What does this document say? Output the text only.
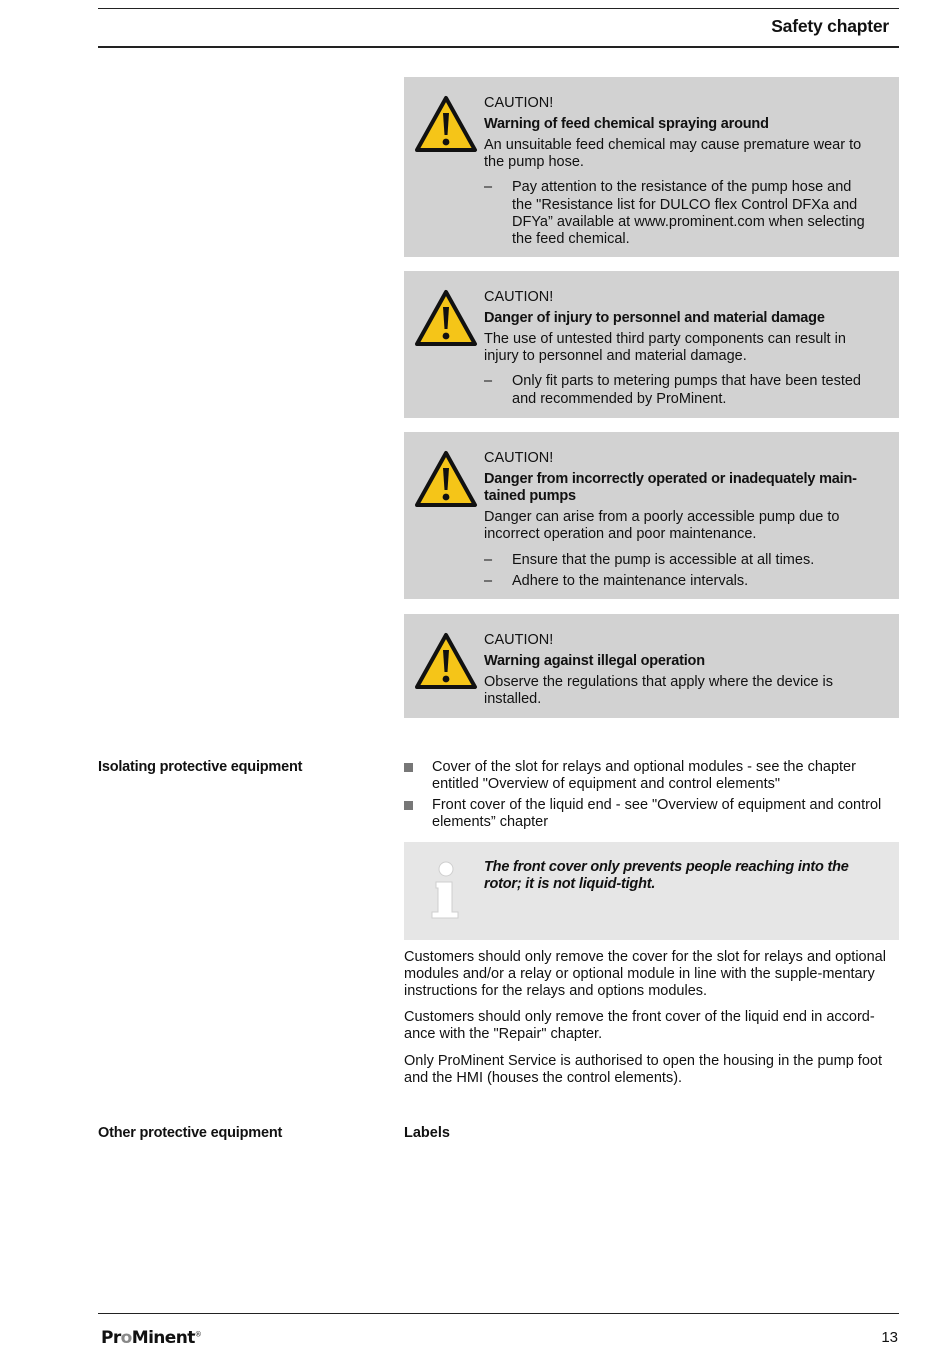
Safety chapter

CAUTION!

Warning of feed chemical spraying around

An unsuitable feed chemical may cause premature wear to the pump hose.

– Pay attention to the resistance of the pump hose and the "Resistance list for DULCO flex Control DFXa and DFYa” available at www.prominent.com when selecting the feed chemical.

CAUTION!

Danger of injury to personnel and material damage

The use of untested third party components can result in injury to personnel and material damage.

– Only fit parts to metering pumps that have been tested and recommended by ProMinent.

CAUTION!

Danger from incorrectly operated or inadequately main-tained pumps

Danger can arise from a poorly accessible pump due to incorrect operation and poor maintenance.

– Ensure that the pump is accessible at all times.
– Adhere to the maintenance intervals.

CAUTION!

Warning against illegal operation

Observe the regulations that apply where the device is installed.

Isolating protective equipment	Cover of the slot for relays and optional modules - see the chapter entitled "Overview of equipment and control elements"
Front cover of the liquid end - see "Overview of equipment and control elements” chapter
The front cover only prevents people reaching into the rotor; it is not liquid-tight.

Customers should only remove the cover for the slot for relays and optional modules and/or a relay or optional module in line with the supple-mentary instructions for the relays and options modules.

Customers should only remove the front cover of the liquid end in accord-ance with the "Repair" chapter.

Only ProMinent Service is authorised to open the housing in the pump foot and the HMI (houses the control elements).

Other protective equipment	Labels
ProMinent®	13
